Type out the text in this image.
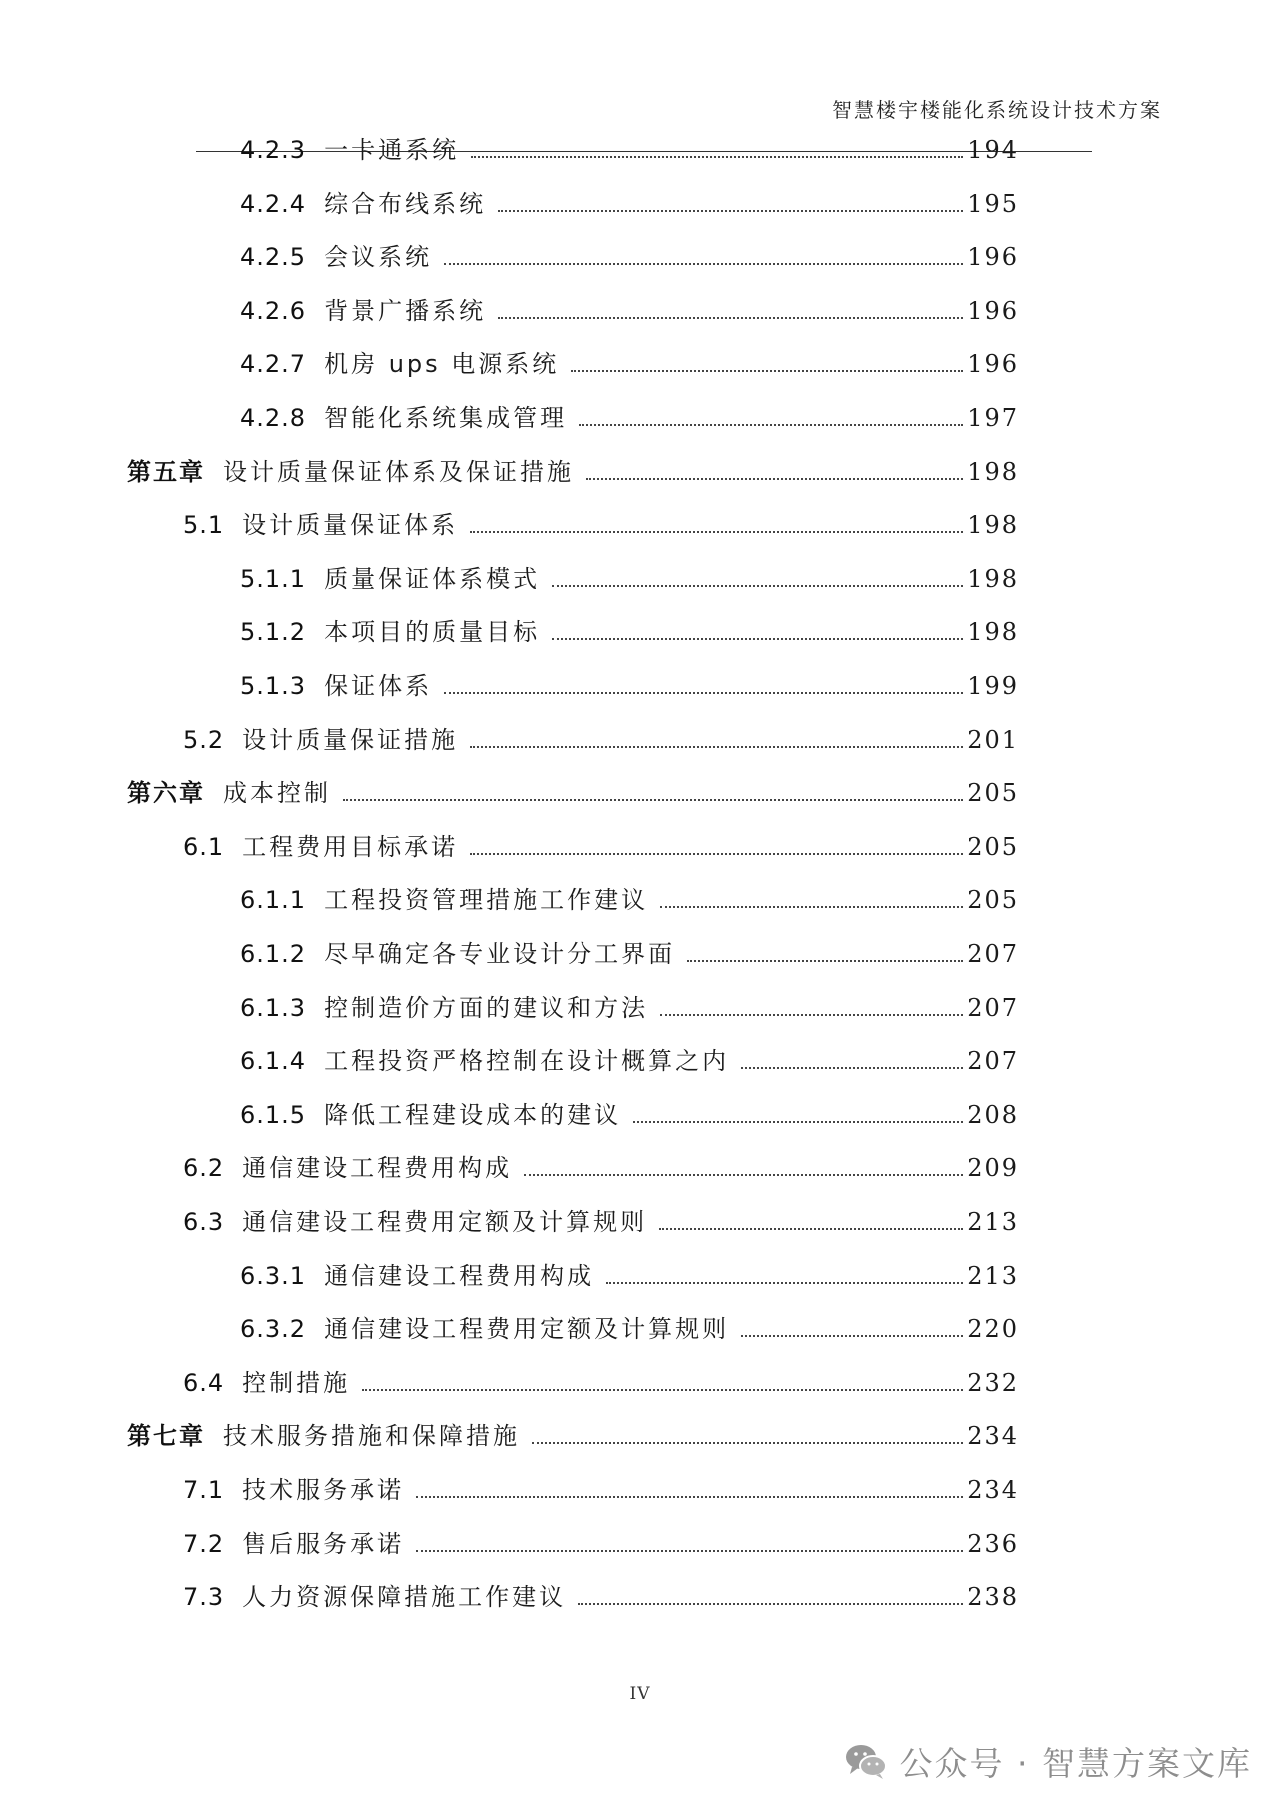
智慧楼宇楼能化系统设计技术方案
4.2.3 一卡通系统	194
4.2.4 综合布线系统	195
4.2.5 会议系统	196
4.2.6 背景广播系统	196
4.2.7 机房 ups 电源系统	196
4.2.8 智能化系统集成管理	197
第五章 设计质量保证体系及保证措施	198
5.1 设计质量保证体系	198
5.1.1 质量保证体系模式	198
5.1.2 本项目的质量目标	198
5.1.3 保证体系	199
5.2 设计质量保证措施	201
第六章 成本控制	205
6.1 工程费用目标承诺	205
6.1.1 工程投资管理措施工作建议	205
6.1.2 尽早确定各专业设计分工界面	207
6.1.3 控制造价方面的建议和方法	207
6.1.4 工程投资严格控制在设计概算之内	207
6.1.5 降低工程建设成本的建议	208
6.2 通信建设工程费用构成	209
6.3 通信建设工程费用定额及计算规则	213
6.3.1 通信建设工程费用构成	213
6.3.2 通信建设工程费用定额及计算规则	220
6.4 控制措施	232
第七章 技术服务措施和保障措施	234
7.1 技术服务承诺	234
7.2 售后服务承诺	236
7.3 人力资源保障措施工作建议	238
IV
公众号 · 智慧方案文库
